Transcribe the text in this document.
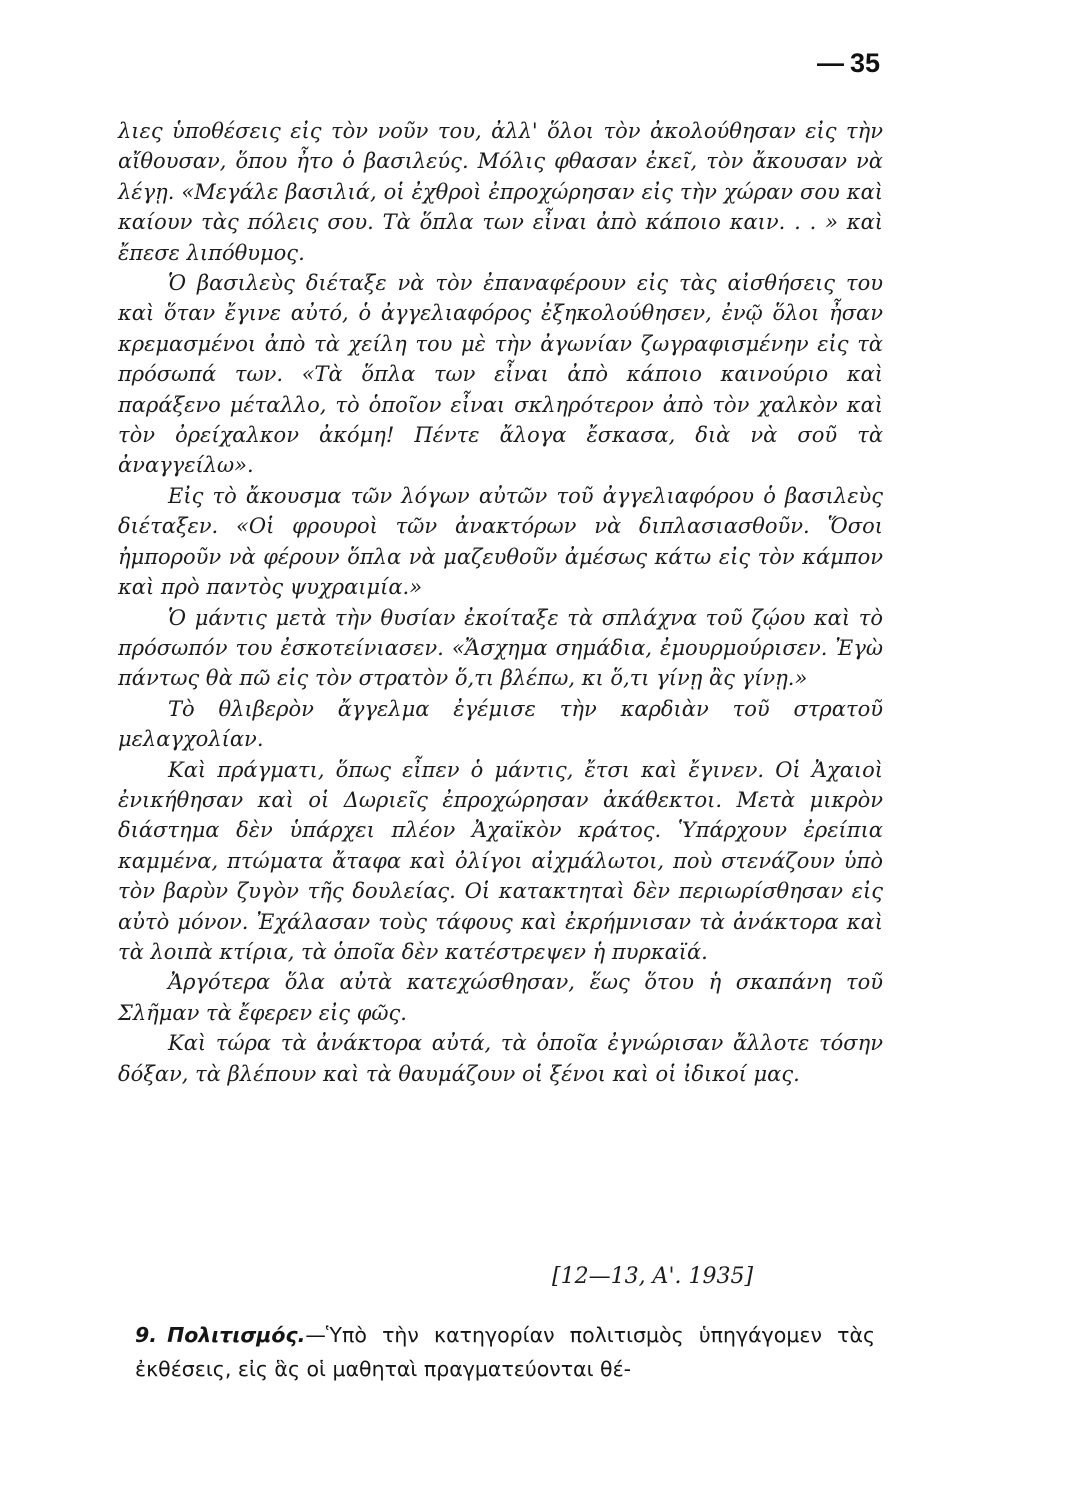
— 35

λιες ὑποθέσεις εἰς τὸν νοῦν του, ἀλλ' ὅλοι τὸν ἀκολούθησαν εἰς τὴν αἴθουσαν, ὅπου ἦτο ὁ βασιλεύς. Μόλις φθασαν ἐκεῖ, τὸν ἄκουσαν νὰ λέγῃ. «Μεγάλε βασιλιά, οἱ ἐχθροὶ ἐπροχώρησαν εἰς τὴν χώραν σου καὶ καίουν τὰς πόλεις σου. Τὰ ὅπλα των εἶναι ἀπὸ κάποιο καιν. . . » καὶ ἔπεσε λιπόθυμος.

Ὁ βασιλεὺς διέταξε νὰ τὸν ἐπαναφέρουν εἰς τὰς αἰσθήσεις του καὶ ὅταν ἔγινε αὐτό, ὁ ἀγγελιαφόρος ἐξηκολούθησεν, ἐνῷ ὅλοι ἦσαν κρεμασμένοι ἀπὸ τὰ χείλη του μὲ τὴν ἀγωνίαν ζωγραφισμένην εἰς τὰ πρόσωπά των. «Τὰ ὅπλα των εἶναι ἀπὸ κάποιο καινούριο καὶ παράξενο μέταλλο, τὸ ὁποῖον εἶναι σκληρότερον ἀπὸ τὸν χαλκὸν καὶ τὸν ὀρείχαλκον ἀκόμη! Πέντε ἄλογα ἔσκασα, διὰ νὰ σοῦ τὰ ἀναγγείλω».

Εἰς τὸ ἄκουσμα τῶν λόγων αὐτῶν τοῦ ἀγγελιαφόρου ὁ βασιλεὺς διέταξεν. «Οἱ φρουροὶ τῶν ἀνακτόρων νὰ διπλασιασθοῦν. Ὅσοι ἠμποροῦν νὰ φέρουν ὅπλα νὰ μαζευθοῦν ἀμέσως κάτω εἰς τὸν κάμπον καὶ πρὸ παντὸς ψυχραιμία.»

Ὁ μάντις μετὰ τὴν θυσίαν ἐκοίταξε τὰ σπλάχνα τοῦ ζῴου καὶ τὸ πρόσωπόν του ἐσκοτείνιασεν. «Ἄσχημα σημάδια, ἐμουρμούρισεν. Ἐγὼ πάντως θὰ πῶ εἰς τὸν στρατὸν ὅ,τι βλέπω, κι ὅ,τι γίνῃ ἂς γίνῃ.»

Τὸ θλιβερὸν ἄγγελμα ἐγέμισε τὴν καρδιὰν τοῦ στρατοῦ μελαγχολίαν.

Καὶ πράγματι, ὅπως εἶπεν ὁ μάντις, ἔτσι καὶ ἔγινεν. Οἱ Ἀχαιοὶ ἐνικήθησαν καὶ οἱ Δωριεῖς ἐπροχώρησαν ἀκάθεκτοι. Μετὰ μικρὸν διάστημα δὲν ὑπάρχει πλέον Ἀχαϊκὸν κράτος. Ὑπάρχουν ἐρείπια καμμένα, πτώματα ἄταφα καὶ ὀλίγοι αἰχμάλωτοι, ποὺ στενάζουν ὑπὸ τὸν βαρὺν ζυγὸν τῆς δουλείας. Οἱ κατακτηταὶ δὲν περιωρίσθησαν εἰς αὐτὸ μόνον. Ἐχάλασαν τοὺς τάφους καὶ ἐκρήμνισαν τὰ ἀνάκτορα καὶ τὰ λοιπὰ κτίρια, τὰ ὁποῖα δὲν κατέστρεψεν ἡ πυρκαϊά.

Ἀργότερα ὅλα αὐτὰ κατεχώσθησαν, ἕως ὅτου ἡ σκαπάνη τοῦ Σλῆμαν τὰ ἔφερεν εἰς φῶς.

Καὶ τώρα τὰ ἀνάκτορα αὐτά, τὰ ὁποῖα ἐγνώρισαν ἄλλοτε τόσην δόξαν, τὰ βλέπουν καὶ τὰ θαυμάζουν οἱ ξένοι καὶ οἱ ἰδικοί μας.

[12—13, Α'. 1935]
9. Πολιτισμός.—Ὑπὸ τὴν κατηγορίαν πολιτισμὸς ὑπηγάγομεν τὰς ἐκθέσεις, εἰς ἃς οἱ μαθηταὶ πραγματεύονται θέ-
